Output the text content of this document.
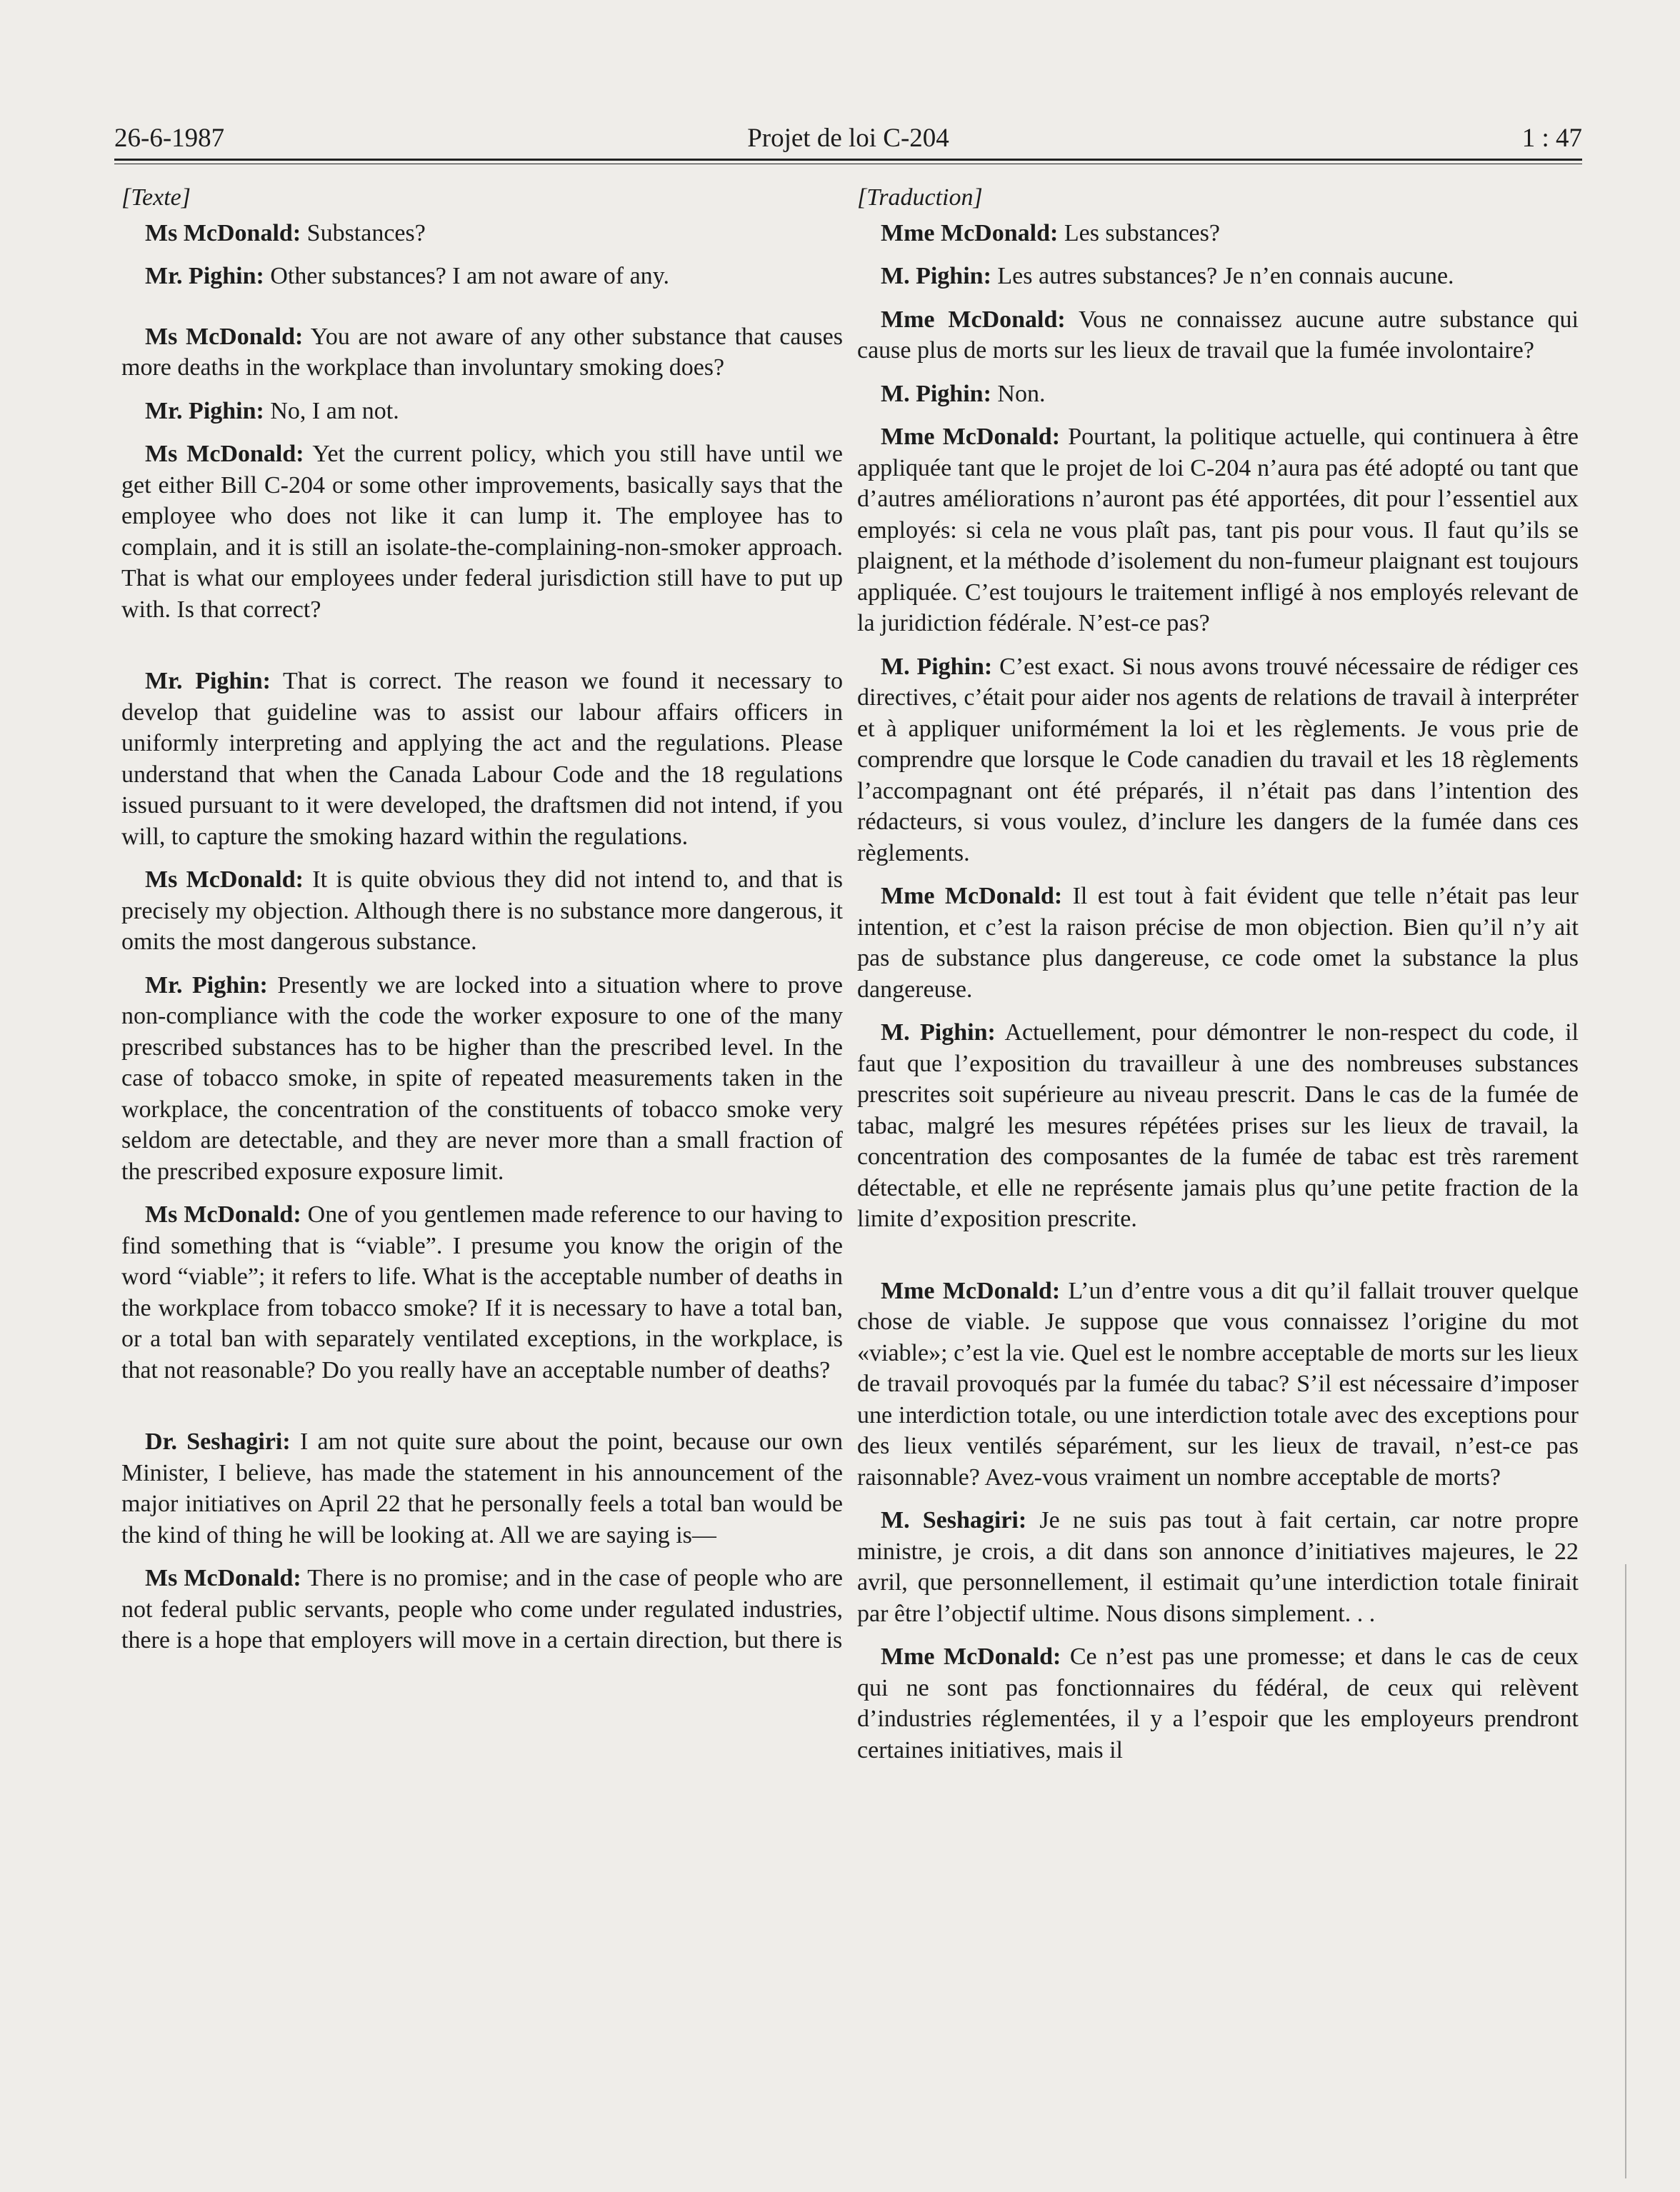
26-6-1987	Projet de loi C-204	1 : 47

[Texte]

Ms McDonald: Substances?

Mr. Pighin: Other substances? I am not aware of any.

Ms McDonald: You are not aware of any other substance that causes more deaths in the workplace than involuntary smoking does?

Mr. Pighin: No, I am not.

Ms McDonald: Yet the current policy, which you still have until we get either Bill C-204 or some other improvements, basically says that the employee who does not like it can lump it. The employee has to complain, and it is still an isolate-the-complaining-non-smoker approach. That is what our employees under federal jurisdiction still have to put up with. Is that correct?

Mr. Pighin: That is correct. The reason we found it necessary to develop that guideline was to assist our labour affairs officers in uniformly interpreting and applying the act and the regulations. Please understand that when the Canada Labour Code and the 18 regulations issued pursuant to it were developed, the draftsmen did not intend, if you will, to capture the smoking hazard within the regulations.

Ms McDonald: It is quite obvious they did not intend to, and that is precisely my objection. Although there is no substance more dangerous, it omits the most dangerous substance.

Mr. Pighin: Presently we are locked into a situation where to prove non-compliance with the code the worker exposure to one of the many prescribed substances has to be higher than the prescribed level. In the case of tobacco smoke, in spite of repeated measurements taken in the workplace, the concentration of the constituents of tobacco smoke very seldom are detectable, and they are never more than a small fraction of the prescribed exposure exposure limit.

Ms McDonald: One of you gentlemen made reference to our having to find something that is “viable”. I presume you know the origin of the word “viable”; it refers to life. What is the acceptable number of deaths in the workplace from tobacco smoke? If it is necessary to have a total ban, or a total ban with separately ventilated exceptions, in the workplace, is that not reasonable? Do you really have an acceptable number of deaths?

Dr. Seshagiri: I am not quite sure about the point, because our own Minister, I believe, has made the statement in his announcement of the major initiatives on April 22 that he personally feels a total ban would be the kind of thing he will be looking at. All we are saying is—

Ms McDonald: There is no promise; and in the case of people who are not federal public servants, people who come under regulated industries, there is a hope that employers will move in a certain direction, but there is

[Traduction]

Mme McDonald: Les substances?

M. Pighin: Les autres substances? Je n’en connais aucune.

Mme McDonald: Vous ne connaissez aucune autre substance qui cause plus de morts sur les lieux de travail que la fumée involontaire?

M. Pighin: Non.

Mme McDonald: Pourtant, la politique actuelle, qui continuera à être appliquée tant que le projet de loi C-204 n’aura pas été adopté ou tant que d’autres améliorations n’auront pas été apportées, dit pour l’essentiel aux employés: si cela ne vous plaît pas, tant pis pour vous. Il faut qu’ils se plaignent, et la méthode d’isolement du non-fumeur plaignant est toujours appliquée. C’est toujours le traitement infligé à nos employés relevant de la juridiction fédérale. N’est-ce pas?

M. Pighin: C’est exact. Si nous avons trouvé nécessaire de rédiger ces directives, c’était pour aider nos agents de relations de travail à interpréter et à appliquer uniformément la loi et les règlements. Je vous prie de comprendre que lorsque le Code canadien du travail et les 18 règlements l’accompagnant ont été préparés, il n’était pas dans l’intention des rédacteurs, si vous voulez, d’inclure les dangers de la fumée dans ces règlements.

Mme McDonald: Il est tout à fait évident que telle n’était pas leur intention, et c’est la raison précise de mon objection. Bien qu’il n’y ait pas de substance plus dangereuse, ce code omet la substance la plus dangereuse.

M. Pighin: Actuellement, pour démontrer le non-respect du code, il faut que l’exposition du travailleur à une des nombreuses substances prescrites soit supérieure au niveau prescrit. Dans le cas de la fumée de tabac, malgré les mesures répétées prises sur les lieux de travail, la concentration des composantes de la fumée de tabac est très rarement détectable, et elle ne représente jamais plus qu’une petite fraction de la limite d’exposition prescrite.

Mme McDonald: L’un d’entre vous a dit qu’il fallait trouver quelque chose de viable. Je suppose que vous connaissez l’origine du mot «viable»; c’est la vie. Quel est le nombre acceptable de morts sur les lieux de travail provoqués par la fumée du tabac? S’il est nécessaire d’imposer une interdiction totale, ou une interdiction totale avec des exceptions pour des lieux ventilés séparément, sur les lieux de travail, n’est-ce pas raisonnable? Avez-vous vraiment un nombre acceptable de morts?

M. Seshagiri: Je ne suis pas tout à fait certain, car notre propre ministre, je crois, a dit dans son annonce d’initiatives majeures, le 22 avril, que personnellement, il estimait qu’une interdiction totale finirait par être l’objectif ultime. Nous disons simplement. . .

Mme McDonald: Ce n’est pas une promesse; et dans le cas de ceux qui ne sont pas fonctionnaires du fédéral, de ceux qui relèvent d’industries réglementées, il y a l’espoir que les employeurs prendront certaines initiatives, mais il
